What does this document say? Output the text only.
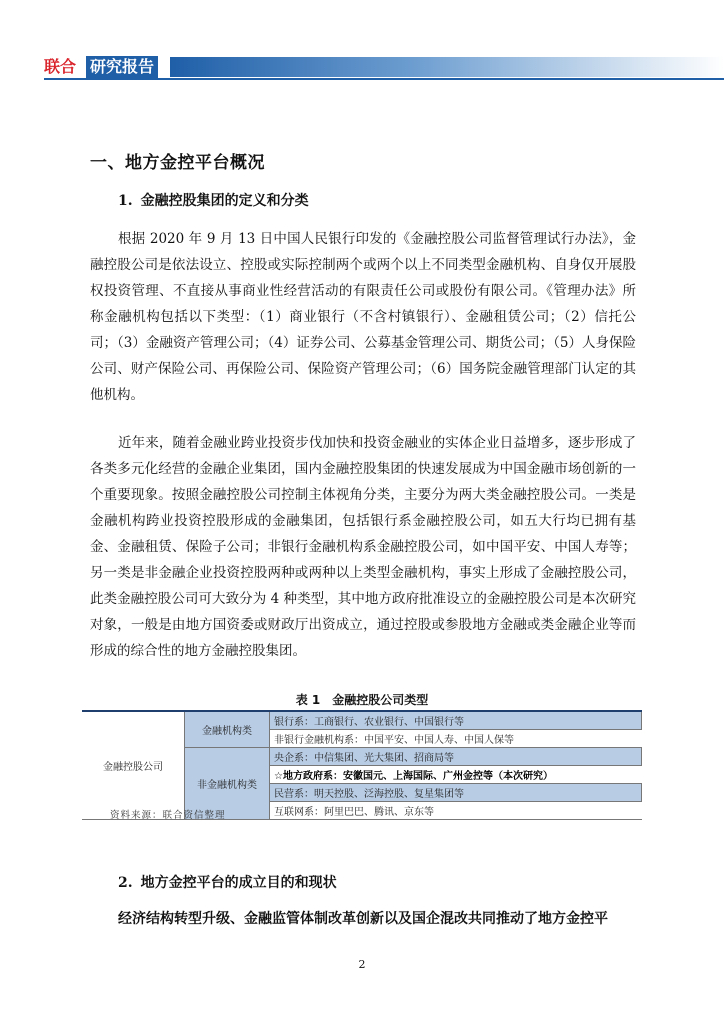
联合 研究报告
一、地方金控平台概况
1. 金融控股集团的定义和分类

根据 2020 年 9 月 13 日中国人民银行印发的《金融控股公司监督管理试行办法》，金融控股公司是依法设立、控股或实际控制两个或两个以上不同类型金融机构、自身仅开展股权投资管理、不直接从事商业性经营活动的有限责任公司或股份有限公司。《管理办法》所称金融机构包括以下类型：（1）商业银行（不含村镇银行）、金融租赁公司；（2）信托公司；（3）金融资产管理公司；（4）证券公司、公募基金管理公司、期货公司；（5）人身保险公司、财产保险公司、再保险公司、保险资产管理公司；（6）国务院金融管理部门认定的其他机构。

近年来，随着金融业跨业投资步伐加快和投资金融业的实体企业日益增多，逐步形成了各类多元化经营的金融企业集团，国内金融控股集团的快速发展成为中国金融市场创新的一个重要现象。按照金融控股公司控制主体视角分类，主要分为两大类金融控股公司。一类是金融机构跨业投资控股形成的金融集团，包括银行系金融控股公司，如五大行均已拥有基金、金融租赁、保险子公司；非银行金融机构系金融控股公司，如中国平安、中国人寿等；另一类是非金融企业投资控股两种或两种以上类型金融机构，事实上形成了金融控股公司，此类金融控股公司可大致分为 4 种类型，其中地方政府批准设立的金融控股公司是本次研究对象，一般是由地方国资委或财政厅出资成立，通过控股或参股地方金融或类金融企业等而形成的综合性的地方金融控股集团。

表 1　金融控股公司类型
金融控股公司	金融机构类	银行系：工商银行、农业银行、中国银行等
		非银行金融机构系：中国平安、中国人寿、中国人保等
	非金融机构类	央企系：中信集团、光大集团、招商局等
		☆地方政府系：安徽国元、上海国际、广州金控等（本次研究）
		民营系：明天控股、泛海控股、复星集团等
		互联网系：阿里巴巴、腾讯、京东等
资料来源：联合资信整理
2. 地方金控平台的成立目的和现状
经济结构转型升级、金融监管体制改革创新以及国企混改共同推动了地方金控平
2
